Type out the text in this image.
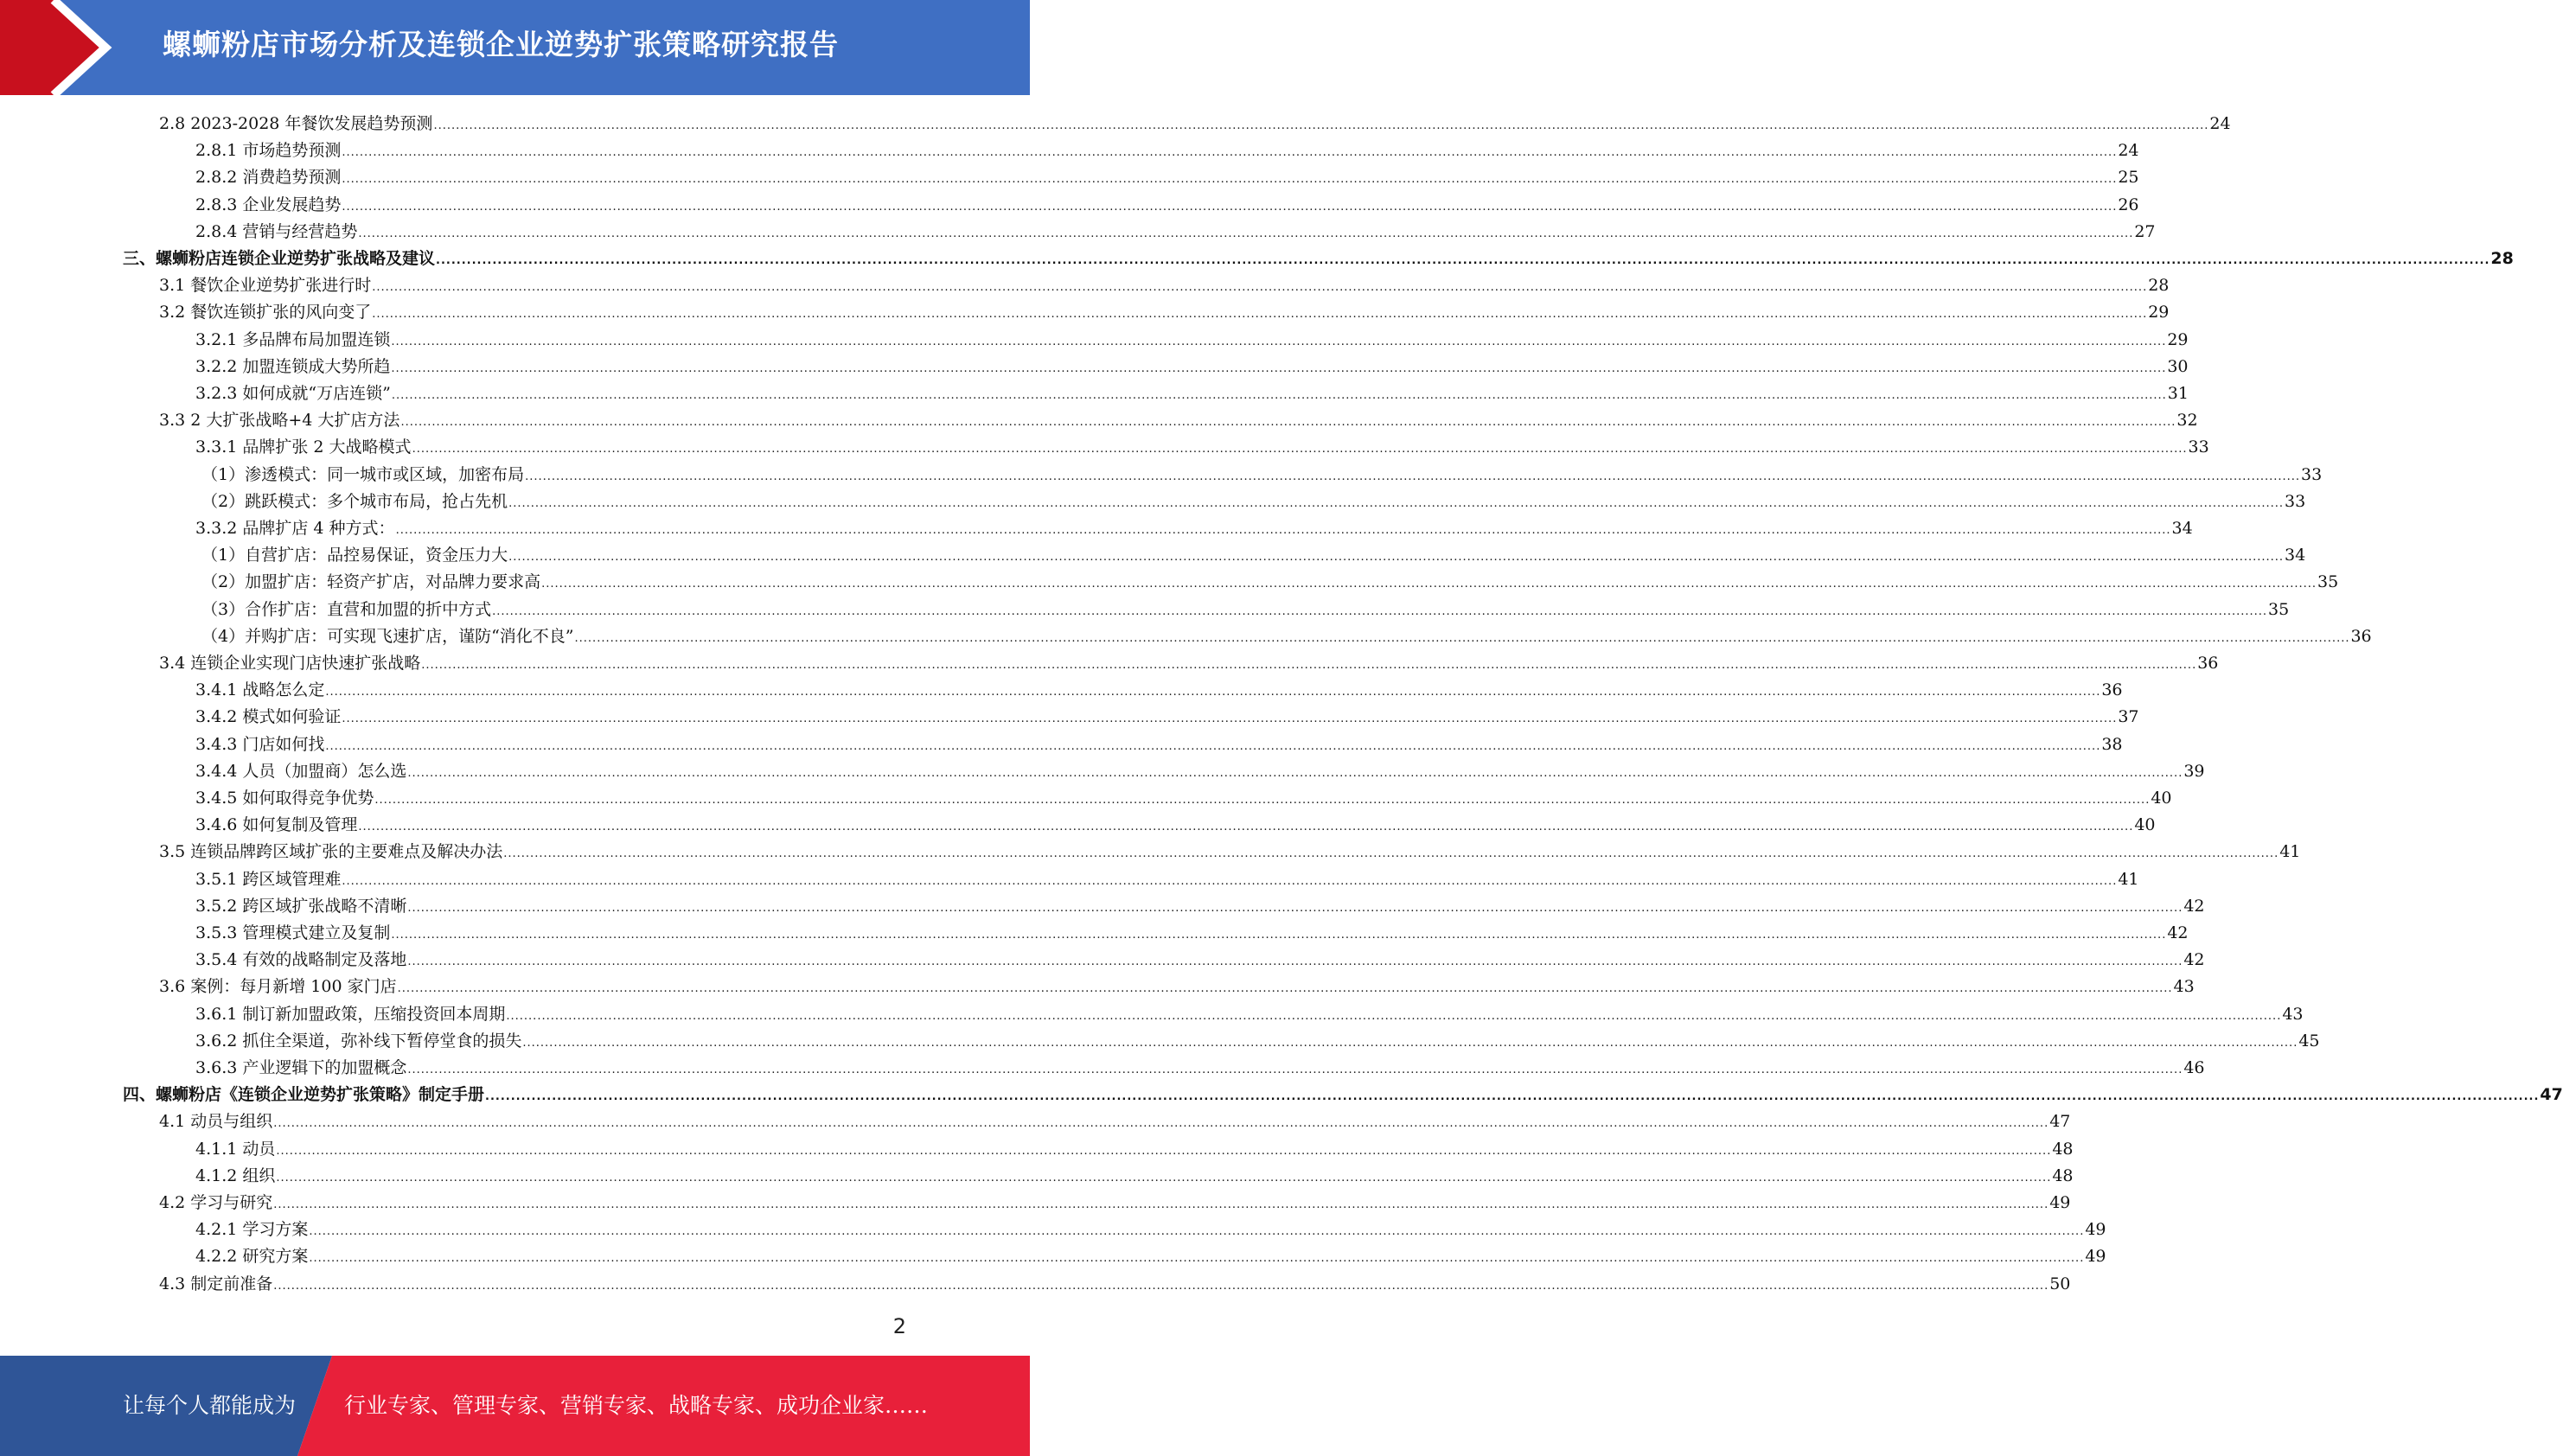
螺蛳粉店市场分析及连锁企业逆势扩张策略研究报告
2.8 2023-2028 年餐饮发展趋势预测 ................................................................................................................................................................................................................................................................................................................................................................................................................ 24
2.8.1 市场趋势预测 ................................................................................................................................................................................................................................................................................................................................................................................................................ 24
2.8.2 消费趋势预测 ................................................................................................................................................................................................................................................................................................................................................................................................................ 25
2.8.3 企业发展趋势 ................................................................................................................................................................................................................................................................................................................................................................................................................ 26
2.8.4 营销与经营趋势 ................................................................................................................................................................................................................................................................................................................................................................................................................ 27
三、螺蛳粉店连锁企业逆势扩张战略及建议 ................................................................................................................................................................................................................................................................................................................................................................................................................ 28
3.1 餐饮企业逆势扩张进行时 ................................................................................................................................................................................................................................................................................................................................................................................................................ 28
3.2 餐饮连锁扩张的风向变了 ................................................................................................................................................................................................................................................................................................................................................................................................................ 29
3.2.1 多品牌布局加盟连锁 ................................................................................................................................................................................................................................................................................................................................................................................................................ 29
3.2.2 加盟连锁成大势所趋 ................................................................................................................................................................................................................................................................................................................................................................................................................ 30
3.2.3 如何成就“万店连锁” ................................................................................................................................................................................................................................................................................................................................................................................................................ 31
3.3 2 大扩张战略+4 大扩店方法 ................................................................................................................................................................................................................................................................................................................................................................................................................ 32
3.3.1 品牌扩张 2 大战略模式 ................................................................................................................................................................................................................................................................................................................................................................................................................ 33
（1）渗透模式：同一城市或区域，加密布局 ................................................................................................................................................................................................................................................................................................................................................................................................................ 33
（2）跳跃模式：多个城市布局，抢占先机 ................................................................................................................................................................................................................................................................................................................................................................................................................ 33
3.3.2 品牌扩店 4 种方式： ................................................................................................................................................................................................................................................................................................................................................................................................................ 34
（1）自营扩店：品控易保证，资金压力大 ................................................................................................................................................................................................................................................................................................................................................................................................................ 34
（2）加盟扩店：轻资产扩店，对品牌力要求高 ................................................................................................................................................................................................................................................................................................................................................................................................................ 35
（3）合作扩店：直营和加盟的折中方式 ................................................................................................................................................................................................................................................................................................................................................................................................................ 35
（4）并购扩店：可实现飞速扩店，谨防“消化不良” ................................................................................................................................................................................................................................................................................................................................................................................................................ 36
3.4 连锁企业实现门店快速扩张战略 ................................................................................................................................................................................................................................................................................................................................................................................................................ 36
3.4.1 战略怎么定 ................................................................................................................................................................................................................................................................................................................................................................................................................ 36
3.4.2 模式如何验证 ................................................................................................................................................................................................................................................................................................................................................................................................................ 37
3.4.3 门店如何找 ................................................................................................................................................................................................................................................................................................................................................................................................................ 38
3.4.4 人员（加盟商）怎么选 ................................................................................................................................................................................................................................................................................................................................................................................................................ 39
3.4.5 如何取得竞争优势 ................................................................................................................................................................................................................................................................................................................................................................................................................ 40
3.4.6 如何复制及管理 ................................................................................................................................................................................................................................................................................................................................................................................................................ 40
3.5 连锁品牌跨区域扩张的主要难点及解决办法 ................................................................................................................................................................................................................................................................................................................................................................................................................ 41
3.5.1 跨区域管理难 ................................................................................................................................................................................................................................................................................................................................................................................................................ 41
3.5.2 跨区域扩张战略不清晰 ................................................................................................................................................................................................................................................................................................................................................................................................................ 42
3.5.3 管理模式建立及复制 ................................................................................................................................................................................................................................................................................................................................................................................................................ 42
3.5.4 有效的战略制定及落地 ................................................................................................................................................................................................................................................................................................................................................................................................................ 42
3.6 案例：每月新增 100 家门店 ................................................................................................................................................................................................................................................................................................................................................................................................................ 43
3.6.1 制订新加盟政策，压缩投资回本周期 ................................................................................................................................................................................................................................................................................................................................................................................................................ 43
3.6.2 抓住全渠道，弥补线下暂停堂食的损失 ................................................................................................................................................................................................................................................................................................................................................................................................................ 45
3.6.3 产业逻辑下的加盟概念 ................................................................................................................................................................................................................................................................................................................................................................................................................ 46
四、螺蛳粉店《连锁企业逆势扩张策略》制定手册 ................................................................................................................................................................................................................................................................................................................................................................................................................ 47
4.1 动员与组织 ................................................................................................................................................................................................................................................................................................................................................................................................................ 47
4.1.1 动员 ................................................................................................................................................................................................................................................................................................................................................................................................................ 48
4.1.2 组织 ................................................................................................................................................................................................................................................................................................................................................................................................................ 48
4.2 学习与研究 ................................................................................................................................................................................................................................................................................................................................................................................................................ 49
4.2.1 学习方案 ................................................................................................................................................................................................................................................................................................................................................................................................................ 49
4.2.2 研究方案 ................................................................................................................................................................................................................................................................................................................................................................................................................ 49
4.3 制定前准备 ................................................................................................................................................................................................................................................................................................................................................................................................................ 50
2
让每个人都能成为 行业专家、管理专家、营销专家、战略专家、成功企业家……
